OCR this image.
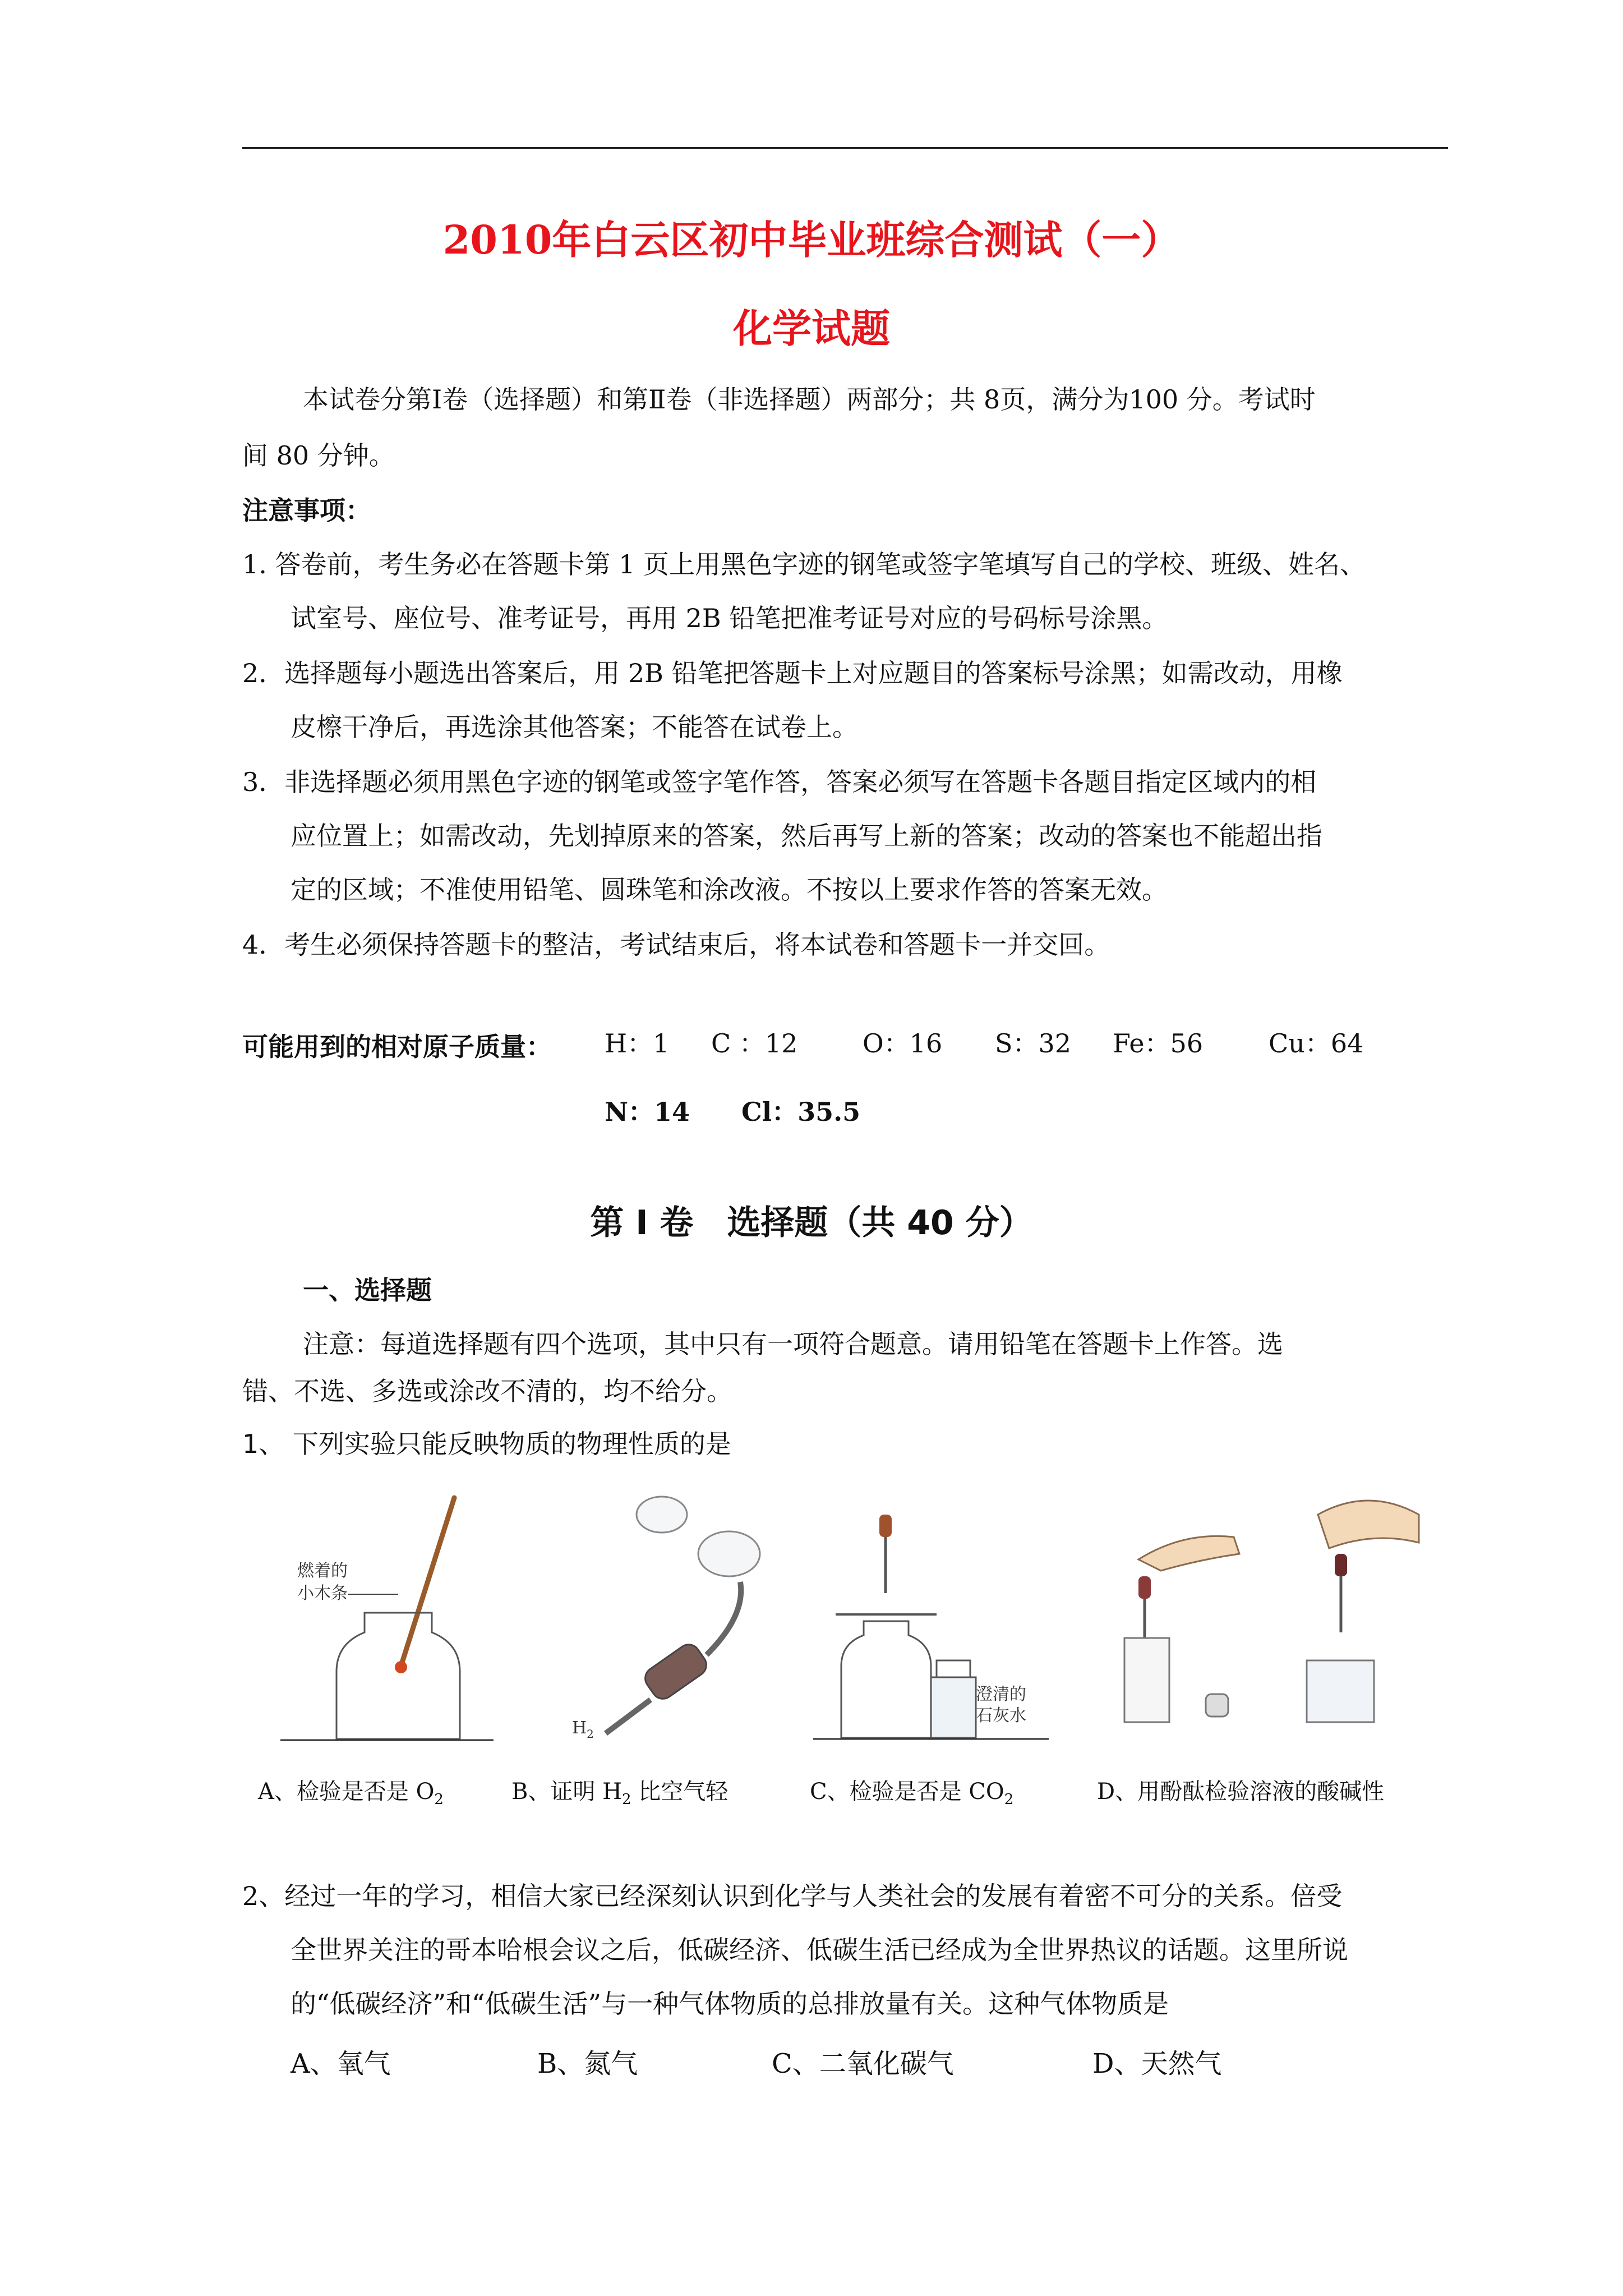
2010年白云区初中毕业班综合测试（一）
化学试题
本试卷分第Ⅰ卷（选择题）和第Ⅱ卷（非选择题）两部分；共 8页，满分为100 分。考试时
间 80 分钟。
注意事项：
1. 答卷前，考生务必在答题卡第 1 页上用黑色字迹的钢笔或签字笔填写自己的学校、班级、姓名、
试室号、座位号、准考证号，再用 2B 铅笔把准考证号对应的号码标号涂黑。
2．选择题每小题选出答案后，用 2B 铅笔把答题卡上对应题目的答案标号涂黑；如需改动，用橡
皮檫干净后，再选涂其他答案；不能答在试卷上。
3．非选择题必须用黑色字迹的钢笔或签字笔作答，答案必须写在答题卡各题目指定区域内的相
应位置上；如需改动，先划掉原来的答案，然后再写上新的答案；改动的答案也不能超出指
定的区域；不准使用铅笔、圆珠笔和涂改液。不按以上要求作答的答案无效。
4．考生必须保持答题卡的整洁，考试结束后，将本试卷和答题卡一并交回。
可能用到的相对原子质量： H：1 C ：12	O：16 S：32 Fe：56	Cu：64
N：14 Cl：35.5
第 Ⅰ 卷　选择题（共 40 分）
一、选择题
注意：每道选择题有四个选项，其中只有一项符合题意。请用铅笔在答题卡上作答。选
错、不选、多选或涂改不清的，均不给分。
1、 下列实验只能反映物质的物理性质的是
燃着的
小木条
$H_2$
澄清的
石灰水
A、检验是否是 $O_2$	B、证明 $H_2$ 比空气轻	C、检验是否是 $CO_2$	D、用酚酞检验溶液的酸碱性
2、经过一年的学习，相信大家已经深刻认识到化学与人类社会的发展有着密不可分的关系。倍受
全世界关注的哥本哈根会议之后，低碳经济、低碳生活已经成为全世界热议的话题。这里所说
的“低碳经济”和“低碳生活”与一种气体物质的总排放量有关。这种气体物质是
A、氧气	B、氮气	C、二氧化碳气	D、天然气
